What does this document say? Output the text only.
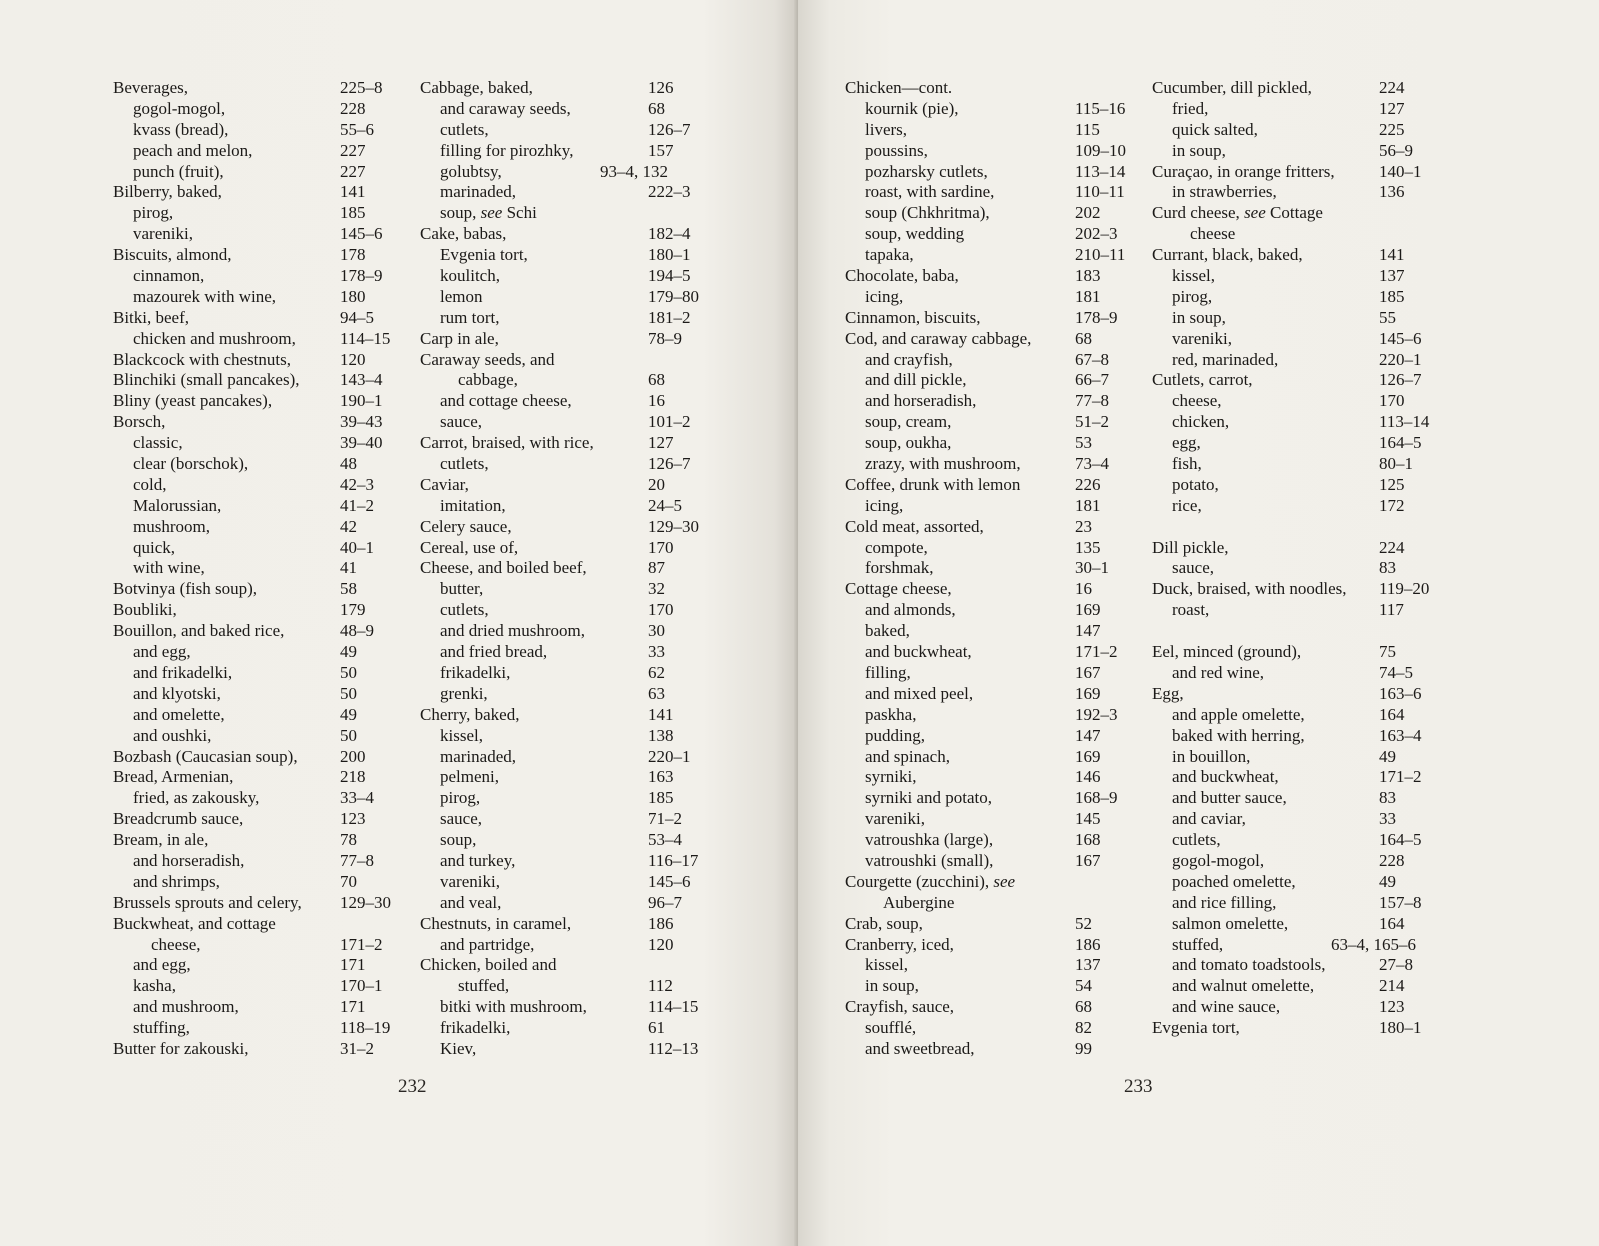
Beverages,	225–8
gogol-mogol,	228
kvass (bread),	55–6
peach and melon,	227
punch (fruit),	227
Bilberry, baked,	141
pirog,	185
vareniki,	145–6
Biscuits, almond,	178
cinnamon,	178–9
mazourek with wine,	180
Bitki, beef,	94–5
chicken and mushroom,	114–15
Blackcock with chestnuts,	120
Blinchiki (small pancakes), 143–4
Bliny (yeast pancakes),	190–1
Borsch,	39–43
classic,	39–40
clear (borschok),	48
cold,	42–3
Malorussian,	41–2
mushroom,	42
quick,	40–1
with wine,	41
Botvinya (fish soup),	58
Boubliki,	179
Bouillon, and baked rice,	48–9
and egg,	49
and frikadelki,	50
and klyotski,	50
and omelette,	49
and oushki,	50
Bozbash (Caucasian soup), 200
Bread, Armenian,	218
fried, as zakousky,	33–4
Breadcrumb sauce,	123
Bream, in ale,	78
and horseradish,	77–8
and shrimps,	70
Brussels sprouts and celery, 129–30
Buckwheat, and cottage
cheese,	171–2
and egg,	171
kasha,	170–1
and mushroom,	171
stuffing,	118–19
Butter for zakouski,	31–2
Cabbage, baked,	126
and caraway seeds,	68
cutlets,	126–7
filling for pirozhky,	157
golubtsy,	93–4, 132
marinaded,	222–3
soup, see Schi
Cake, babas,	182–4
Evgenia tort,	180–1
koulitch,	194–5
lemon	179–80
rum tort,	181–2
Carp in ale,	78–9
Caraway seeds, and
cabbage,	68
and cottage cheese,	16
sauce,	101–2
Carrot, braised, with rice,	127
cutlets,	126–7
Caviar,	20
imitation,	24–5
Celery sauce,	129–30
Cereal, use of,	170
Cheese, and boiled beef,	87
butter,	32
cutlets,	170
and dried mushroom,	30
and fried bread,	33
frikadelki,	62
grenki,	63
Cherry, baked,	141
kissel,	138
marinaded,	220–1
pelmeni,	163
pirog,	185
sauce,	71–2
soup,	53–4
and turkey,	116–17
vareniki,	145–6
and veal,	96–7
Chestnuts, in caramel,	186
and partridge,	120
Chicken, boiled and
stuffed,	112
bitki with mushroom,	114–15
frikadelki,	61
Kiev,	112–13
232
Chicken—cont.
kournik (pie),	115–16
livers,	115
poussins,	109–10
pozharsky cutlets,	113–14
roast, with sardine,	110–11
soup (Chkhritma),	202
soup, wedding	202–3
tapaka,	210–11
Chocolate, baba,	183
icing,	181
Cinnamon, biscuits,	178–9
Cod, and caraway cabbage,	68
and crayfish,	67–8
and dill pickle,	66–7
and horseradish,	77–8
soup, cream,	51–2
soup, oukha,	53
zrazy, with mushroom,	73–4
Coffee, drunk with lemon	226
icing,	181
Cold meat, assorted,	23
compote,	135
forshmak,	30–1
Cottage cheese,	16
and almonds,	169
baked,	147
and buckwheat,	171–2
filling,	167
and mixed peel,	169
paskha,	192–3
pudding,	147
and spinach,	169
syrniki,	146
syrniki and potato,	168–9
vareniki,	145
vatroushka (large),	168
vatroushki (small),	167
Courgette (zucchini), see
Aubergine
Crab, soup,	52
Cranberry, iced,	186
kissel,	137
in soup,	54
Crayfish, sauce,	68
soufflé,	82
and sweetbread,	99
Cucumber, dill pickled,	224
fried,	127
quick salted,	225
in soup,	56–9
Curaçao, in orange fritters,	140–1
in strawberries,	136
Curd cheese, see Cottage
cheese
Currant, black, baked,	141
kissel,	137
pirog,	185
in soup,	55
vareniki,	145–6
red, marinaded,	220–1
Cutlets, carrot,	126–7
cheese,	170
chicken,	113–14
egg,	164–5
fish,	80–1
potato,	125
rice,	172
Dill pickle,	224
sauce,	83
Duck, braised, with noodles, 119–20
roast,	117
Eel, minced (ground),	75
and red wine,	74–5
Egg,	163–6
and apple omelette,	164
baked with herring,	163–4
in bouillon,	49
and buckwheat,	171–2
and butter sauce,	83
and caviar,	33
cutlets,	164–5
gogol-mogol,	228
poached omelette,	49
and rice filling,	157–8
salmon omelette,	164
stuffed,	63–4, 165–6
and tomato toadstools,	27–8
and walnut omelette,	214
and wine sauce,	123
Evgenia tort,	180–1
233
